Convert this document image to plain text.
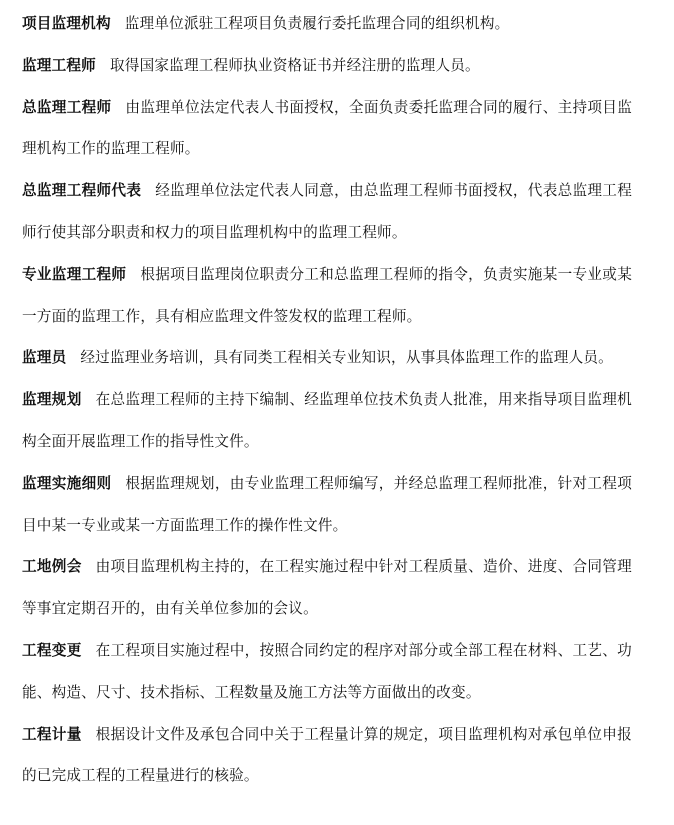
项目监理机构 监理单位派驻工程项目负责履行委托监理合同的组织机构。

监理工程师 取得国家监理工程师执业资格证书并经注册的监理人员。

总监理工程师 由监理单位法定代表人书面授权，全面负责委托监理合同的履行、主持项目监理机构工作的监理工程师。

总监理工程师代表 经监理单位法定代表人同意，由总监理工程师书面授权，代表总监理工程师行使其部分职责和权力的项目监理机构中的监理工程师。

专业监理工程师 根据项目监理岗位职责分工和总监理工程师的指令，负责实施某一专业或某一方面的监理工作，具有相应监理文件签发权的监理工程师。

监理员 经过监理业务培训，具有同类工程相关专业知识，从事具体监理工作的监理人员。

监理规划 在总监理工程师的主持下编制、经监理单位技术负责人批准，用来指导项目监理机构全面开展监理工作的指导性文件。

监理实施细则 根据监理规划，由专业监理工程师编写，并经总监理工程师批准，针对工程项目中某一专业或某一方面监理工作的操作性文件。

工地例会 由项目监理机构主持的，在工程实施过程中针对工程质量、造价、进度、合同管理等事宜定期召开的，由有关单位参加的会议。

工程变更 在工程项目实施过程中，按照合同约定的程序对部分或全部工程在材料、工艺、功能、构造、尺寸、技术指标、工程数量及施工方法等方面做出的改变。

工程计量 根据设计文件及承包合同中关于工程量计算的规定，项目监理机构对承包单位申报的已完成工程的工程量进行的核验。
